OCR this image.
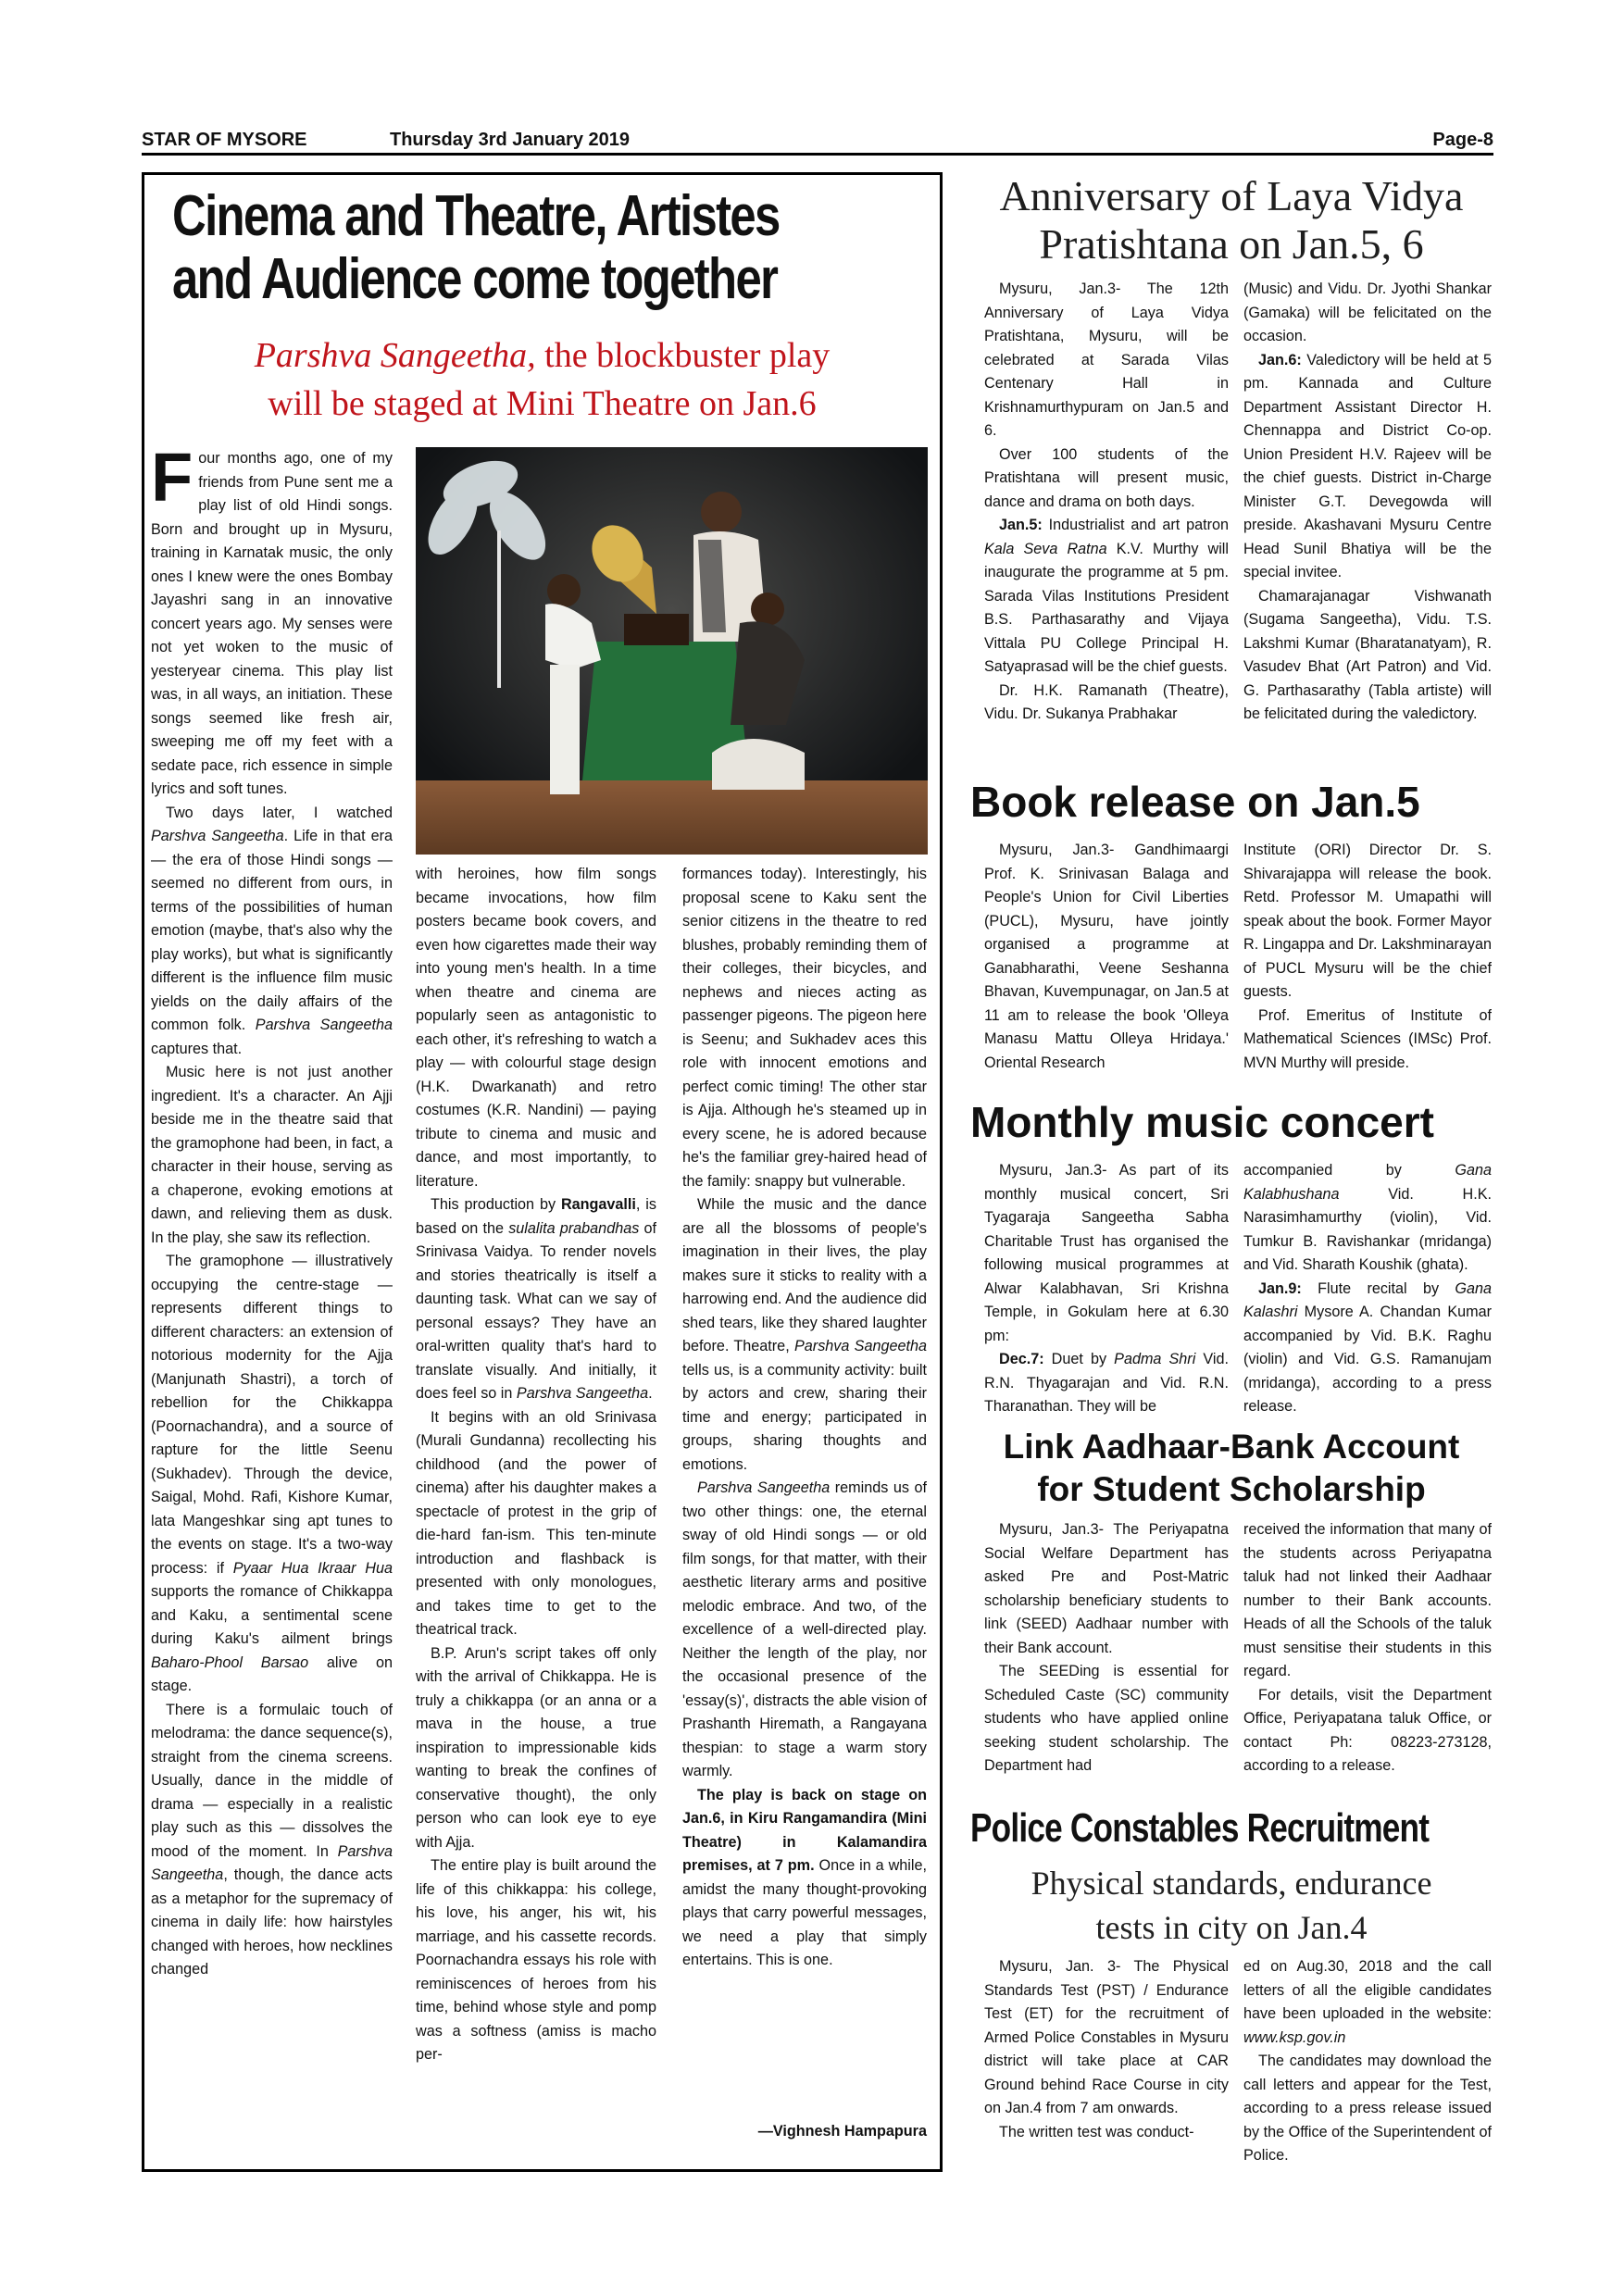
STAR OF MYSORE	Thursday 3rd January 2019	Page-8
Cinema and Theatre, Artistes
and Audience come together
Parshva Sangeetha, the blockbuster play
will be staged at Mini Theatre on Jan.6
F our months ago, one of my friends from Pune sent me a play list of old Hindi songs. Born and brought up in Mysuru, training in Karnatak music, the only ones I knew were the ones Bombay Jayashri sang in an innovative concert years ago. My senses were not yet woken to the music of yesteryear cinema. This play list was, in all ways, an initiation. These songs seemed like fresh air, sweeping me off my feet with a sedate pace, rich essence in simple lyrics and soft tunes.

Two days later, I watched Parshva Sangeetha. Life in that era — the era of those Hindi songs — seemed no different from ours, in terms of the possibilities of human emotion (maybe, that's also why the play works), but what is significantly different is the influence film music yields on the daily affairs of the common folk. Parshva Sangeetha captures that.

Music here is not just another ingredient. It's a character. An Ajji beside me in the theatre said that the gramophone had been, in fact, a character in their house, serving as a chaperone, evoking emotions at dawn, and relieving them as dusk. In the play, she saw its reflection.

The gramophone — illustratively occupying the centre-stage — represents different things to different characters: an extension of notorious modernity for the Ajja (Manjunath Shastri), a torch of rebellion for the Chikkappa (Poornachandra), and a source of rapture for the little Seenu (Sukhadev). Through the device, Saigal, Mohd. Rafi, Kishore Kumar, lata Mangeshkar sing apt tunes to the events on stage. It's a two-way process: if Pyaar Hua Ikraar Hua supports the romance of Chikkappa and Kaku, a sentimental scene during Kaku's ailment brings Baharo-Phool Barsao alive on stage.

There is a formulaic touch of melodrama: the dance sequence(s), straight from the cinema screens. Usually, dance in the middle of drama — especially in a realistic play such as this — dissolves the mood of the moment. In Parshva Sangeetha, though, the dance acts as a metaphor for the supremacy of cinema in daily life: how hairstyles changed with heroes, how necklines changed

with heroines, how film songs became invocations, how film posters became book covers, and even how cigarettes made their way into young men's health. In a time when theatre and cinema are popularly seen as antagonistic to each other, it's refreshing to watch a play — with colourful stage design (H.K. Dwarkanath) and retro costumes (K.R. Nandini) — paying tribute to cinema and music and dance, and most importantly, to literature.

This production by Rangavalli, is based on the sulalita prabandhas of Srinivasa Vaidya. To render novels and stories theatrically is itself a daunting task. What can we say of personal essays? They have an oral-written quality that's hard to translate visually. And initially, it does feel so in Parshva Sangeetha.

It begins with an old Srinivasa (Murali Gundanna) recollecting his childhood (and the power of cinema) after his daughter makes a spectacle of protest in the grip of die-hard fan-ism. This ten-minute introduction and flashback is presented with only monologues, and takes time to get to the theatrical track.

B.P. Arun's script takes off only with the arrival of Chikkappa. He is truly a chikkappa (or an anna or a mava in the house, a true inspiration to impressionable kids wanting to break the confines of conservative thought), the only person who can look eye to eye with Ajja.

The entire play is built around the life of this chikkappa: his college, his love, his anger, his wit, his marriage, and his cassette records. Poornachandra essays his role with reminiscences of heroes from his time, behind whose style and pomp was a softness (amiss is macho per-

formances today). Interestingly, his proposal scene to Kaku sent the senior citizens in the theatre to red blushes, probably reminding them of their colleges, their bicycles, and nephews and nieces acting as passenger pigeons. The pigeon here is Seenu; and Sukhadev aces this role with innocent emotions and perfect comic timing! The other star is Ajja. Although he's steamed up in every scene, he is adored because he's the familiar grey-haired head of the family: snappy but vulnerable.

While the music and the dance are all the blossoms of people's imagination in their lives, the play makes sure it sticks to reality with a harrowing end. And the audience did shed tears, like they shared laughter before. Theatre, Parshva Sangeetha tells us, is a community activity: built by actors and crew, sharing their time and energy; participated in groups, sharing thoughts and emotions.

Parshva Sangeetha reminds us of two other things: one, the eternal sway of old Hindi songs — or old film songs, for that matter, with their aesthetic literary arms and positive melodic embrace. And two, of the excellence of a well-directed play. Neither the length of the play, nor the occasional presence of the 'essay(s)', distracts the able vision of Prashanth Hiremath, a Rangayana thespian: to stage a warm story warmly.

The play is back on stage on Jan.6, in Kiru Rangamandira (Mini Theatre) in Kalamandira premises, at 7 pm. Once in a while, amidst the many thought-provoking plays that carry powerful messages, we need a play that simply entertains. This is one.

—Vighnesh Hampapura
Anniversary of Laya Vidya
Pratishtana on Jan.5, 6

Mysuru, Jan.3- The 12th Anniversary of Laya Vidya Pratishtana, Mysuru, will be celebrated at Sarada Vilas Centenary Hall in Krishnamurthypuram on Jan.5 and 6.

Over 100 students of the Pratishtana will present music, dance and drama on both days.

Jan.5: Industrialist and art patron Kala Seva Ratna K.V. Murthy will inaugurate the programme at 5 pm. Sarada Vilas Institutions President B.S. Parthasarathy and Vijaya Vittala PU College Principal H. Satyaprasad will be the chief guests.

Dr. H.K. Ramanath (Theatre), Vidu. Dr. Sukanya Prabhakar

(Music) and Vidu. Dr. Jyothi Shankar (Gamaka) will be felicitated on the occasion.

Jan.6: Valedictory will be held at 5 pm. Kannada and Culture Department Assistant Director H. Chennappa and District Co-op. Union President H.V. Rajeev will be the chief guests. District in-Charge Minister G.T. Devegowda will preside. Akashavani Mysuru Centre Head Sunil Bhatiya will be the special invitee.

Chamarajanagar Vishwanath (Sugama Sangeetha), Vidu. T.S. Lakshmi Kumar (Bharatanatyam), R. Vasudev Bhat (Art Patron) and Vid. G. Parthasarathy (Tabla artiste) will be felicitated during the valedictory.

Book release on Jan.5

Mysuru, Jan.3- Gandhimaargi Prof. K. Srinivasan Balaga and People's Union for Civil Liberties (PUCL), Mysuru, have jointly organised a programme at Ganabharathi, Veene Seshanna Bhavan, Kuvempunagar, on Jan.5 at 11 am to release the book 'Olleya Manasu Mattu Olleya Hridaya.' Oriental Research

Institute (ORI) Director Dr. S. Shivarajappa will release the book. Retd. Professor M. Umapathi will speak about the book. Former Mayor R. Lingappa and Dr. Lakshminarayan of PUCL Mysuru will be the chief guests.

Prof. Emeritus of Institute of Mathematical Sciences (IMSc) Prof. MVN Murthy will preside.

Monthly music concert

Mysuru, Jan.3- As part of its monthly musical concert, Sri Tyagaraja Sangeetha Sabha Charitable Trust has organised the following musical programmes at Alwar Kalabhavan, Sri Krishna Temple, in Gokulam here at 6.30 pm:

Dec.7: Duet by Padma Shri Vid. R.N. Thyagarajan and Vid. R.N. Tharanathan. They will be

accompanied by Gana Kalabhushana Vid. H.K. Narasimhamurthy (violin), Vid. Tumkur B. Ravishankar (mridanga) and Vid. Sharath Koushik (ghata).

Jan.9: Flute recital by Gana Kalashri Mysore A. Chandan Kumar accompanied by Vid. B.K. Raghu (violin) and Vid. G.S. Ramanujam (mridanga), according to a press release.

Link Aadhaar-Bank Account
for Student Scholarship

Mysuru, Jan.3- The Periyapatna Social Welfare Department has asked Pre and Post-Matric scholarship beneficiary students to link (SEED) Aadhaar number with their Bank account.

The SEEDing is essential for Scheduled Caste (SC) community students who have applied online seeking student scholarship. The Department had

received the information that many of the students across Periyapatna taluk had not linked their Aadhaar number to their Bank accounts. Heads of all the Schools of the taluk must sensitise their students in this regard.

For details, visit the Department Office, Periyapatana taluk Office, or contact Ph: 08223-273128, according to a release.

Police Constables Recruitment
Physical standards, endurance
tests in city on Jan.4

Mysuru, Jan. 3- The Physical Standards Test (PST) / Endurance Test (ET) for the recruitment of Armed Police Constables in Mysuru district will take place at CAR Ground behind Race Course in city on Jan.4 from 7 am onwards.

The written test was conduct-

ed on Aug.30, 2018 and the call letters of all the eligible candidates have been uploaded in the website: www.ksp.gov.in

The candidates may download the call letters and appear for the Test, according to a press release issued by the Office of the Superintendent of Police.
